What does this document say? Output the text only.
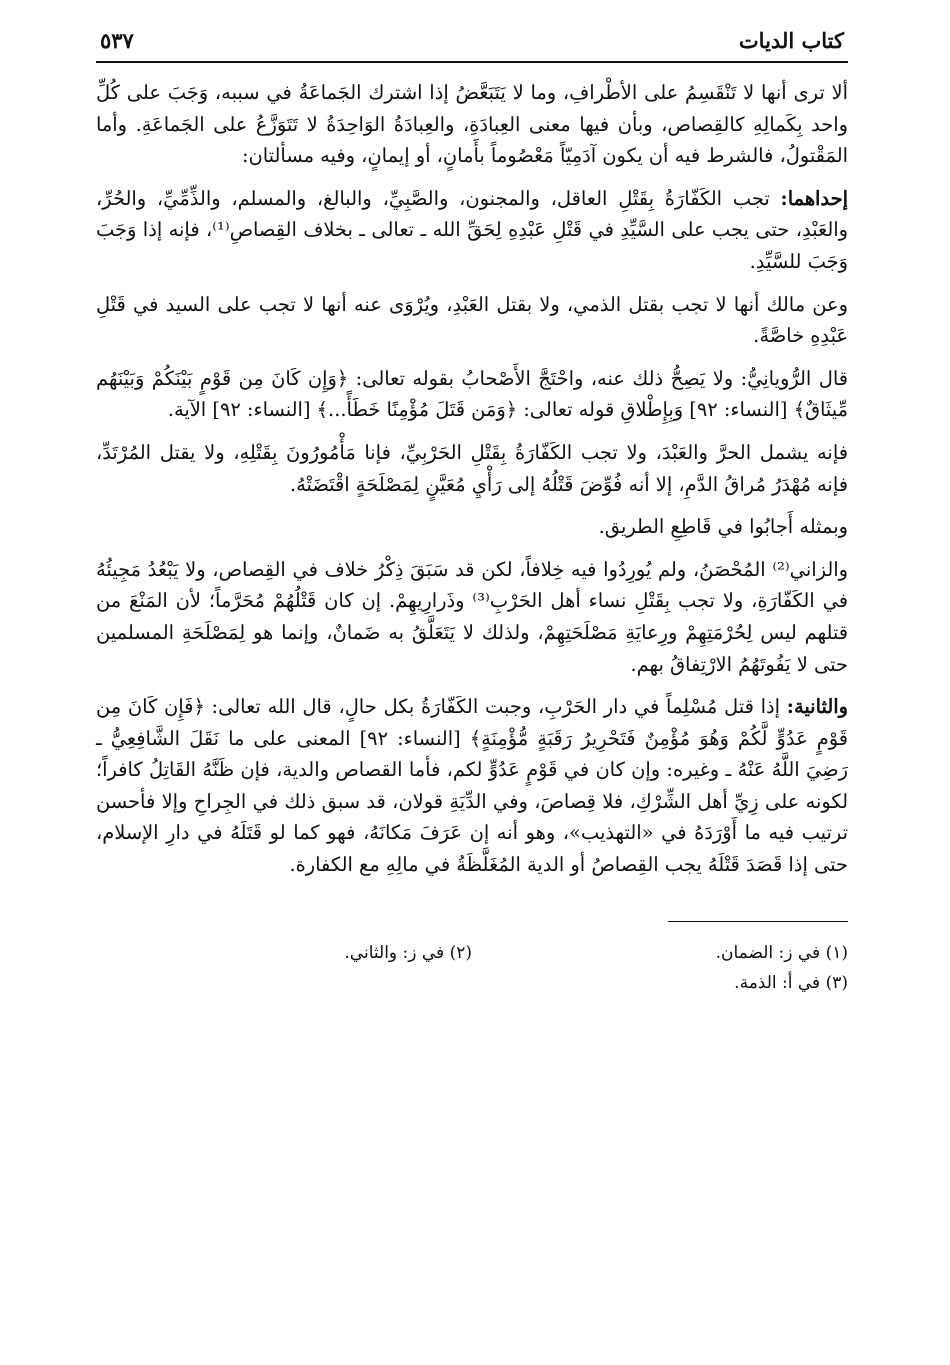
كتاب الديات
٥٣٧

ألا ترى أنها لا تَنْقَسِمُ على الأطْرافِ، وما لا يَتَبَعَّضُ إذا اشترك الجَماعَةُ في سببه، وَجَبَ على كُلِّ واحد بِكَمالِهِ كالقِصاص، وبأن فيها معنى العِبادَةِ، والعِبادَةُ الوَاحِدَةُ لا تَتَوَزَّعُ على الجَماعَةِ. وأما المَقْتولُ، فالشرط فيه أن يكون آدَمِيّاً مَعْصُوماً بأَمانٍ، أو إيمانٍ، وفيه مسألتان:

إحداهما: تجب الكَفّارَةُ بِقَتْلِ العاقل، والمجنون، والصَّبِيِّ، والبالغ، والمسلم، والذِّمِّيِّ، والحُرِّ، والعَبْدِ، حتى يجب على السَّيِّدِ في قَتْلِ عَبْدِهِ لِحَقِّ الله ـ تعالى ـ بخلاف القِصاصِ⁽¹⁾، فإنه إذا وَجَبَ وَجَبَ للسَّيِّدِ.

وعن مالك أنها لا تجب بقتل الذمي، ولا بقتل العَبْدِ، ويُرْوَى عنه أنها لا تجب على السيد في قَتْلِ عَبْدِهِ خاصَّةً.

قال الرُّويانِيُّ: ولا يَصِحُّ ذلك عنه، واحْتَجَّ الأَصْحابُ بقوله تعالى: ﴿وَإِن كَانَ مِن قَوْمٍ بَيْنَكُمْ وَبَيْنَهُم مِّيثَاقٌ﴾ [النساء: ٩٢] وَبِإِطْلاقِ قوله تعالى: ﴿وَمَن قَتَلَ مُؤْمِنًا خَطَأً...﴾ [النساء: ٩٢] الآية.

فإنه يشمل الحرَّ والعَبْدَ، ولا تجب الكَفّارَةُ بِقَتْلِ الحَرْبِيِّ، فإنا مَأْمُورُونَ بِقَتْلِهِ، ولا يقتل المُرْتَدِّ، فإنه مُهْدَرُ مُراقُ الدَّمِ، إلا أنه فُوِّضَ قَتْلُهُ إلى رَأْيِ مُعَيَّنٍ لِمَصْلَحَةٍ اقْتَضَتْهُ.

وبمثله أَجابُوا في قَاطِعِ الطريق.

والزاني⁽²⁾ المُحْصَنُ، ولم يُورِدُوا فيه خِلافاً، لكن قد سَبَقَ ذِكْرُ خلاف في القِصاص، ولا يَبْعُدُ مَجِيئُهُ في الكَفّارَةِ، ولا تجب بِقَتْلِ نساء أهل الحَرْبِ⁽³⁾ وذَرارِيهِمْ. إن كان قَتْلُهُمْ مُحَرَّماً؛ لأن المَنْعَ من قتلهم ليس لِحُرْمَتِهِمْ ورِعايَةِ مَصْلَحَتِهِمْ، ولذلك لا يَتَعَلَّقُ به ضَمانٌ، وإنما هو لِمَصْلَحَةِ المسلمين حتى لا يَفُوتَهُمُ الارْتِفاقُ بهم.

والثانية: إذا قتل مُسْلِماً في دار الحَرْبِ، وجبت الكَفّارَةُ بكل حالٍ، قال الله تعالى: ﴿فَإِن كَانَ مِن قَوْمٍ عَدُوٍّ لَّكُمْ وَهُوَ مُؤْمِنٌ فَتَحْرِيرُ رَقَبَةٍ مُّؤْمِنَةٍ﴾ [النساء: ٩٢] المعنى على ما نَقَلَ الشَّافِعِيُّ ـ رَضِيَ اللَّهُ عَنْهُ ـ وغيره: وإن كان في قَوْمٍ عَدُوٍّ لكم، فأما القصاص والدية، فإن ظَنَّهُ القَاتِلُ كافراً؛ لكونه على زِيِّ أهل الشِّرْكِ، فلا قِصاصَ، وفي الدِّيَةِ قولان، قد سبق ذلك في الجِراحِ وإلا فأحسن ترتيب فيه ما أَوْرَدَهُ في «التهذيب»، وهو أنه إن عَرَفَ مَكانَهُ، فهو كما لو قَتَلَهُ في دارِ الإسلام، حتى إذا قَصَدَ قَتْلَهُ يجب القِصاصُ أو الدية المُغَلَّظَةُ في مالِهِ مع الكفارة.

(١) في ز: الضمان.
(٢) في ز: والثاني.
(٣) في أ: الذمة.
